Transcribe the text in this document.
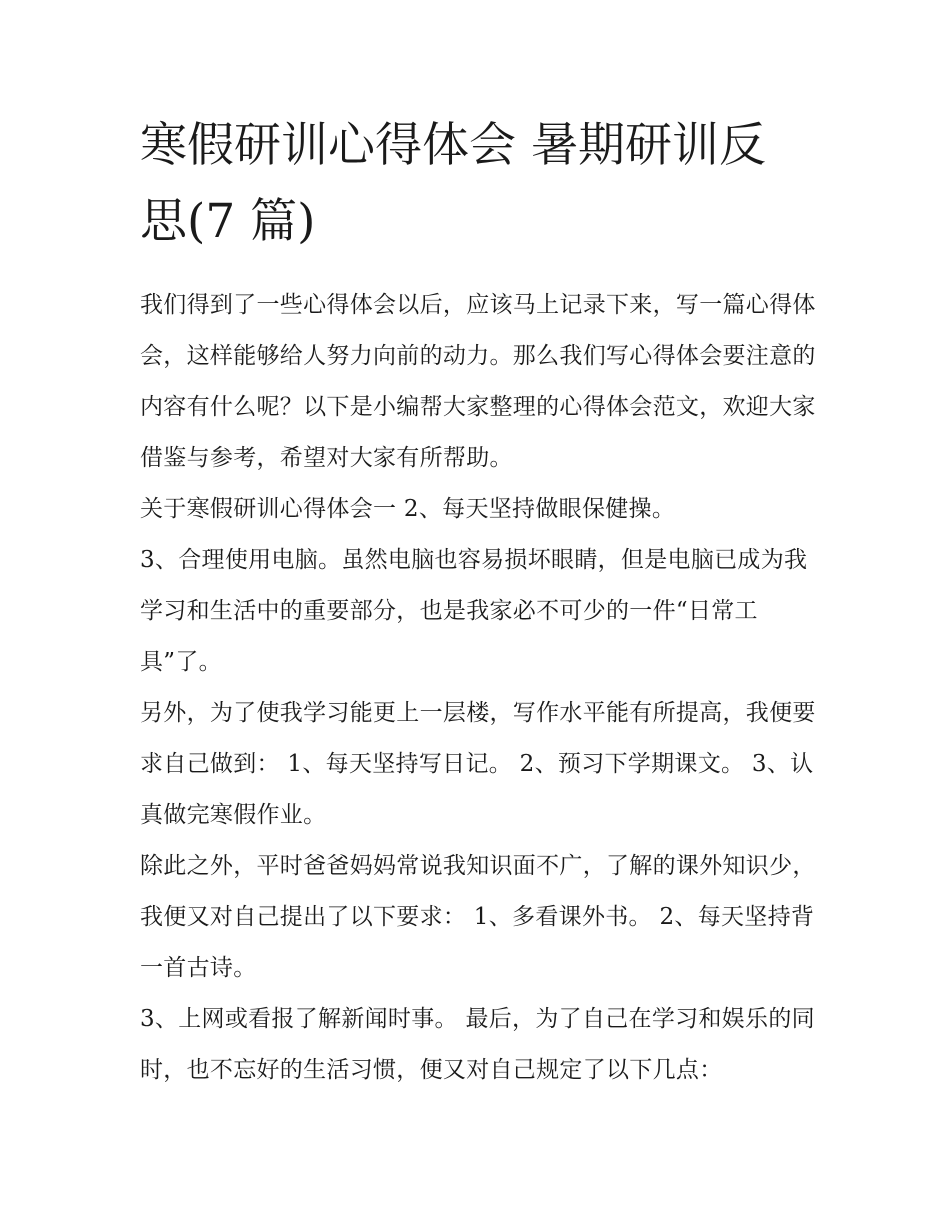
寒假研训心得体会 暑期研训反
思(7 篇)

我们得到了一些心得体会以后，应该马上记录下来，写一篇心得体会，这样能够给人努力向前的动力。那么我们写心得体会要注意的内容有什么呢？以下是小编帮大家整理的心得体会范文，欢迎大家借鉴与参考，希望对大家有所帮助。

关于寒假研训心得体会一 2、每天坚持做眼保健操。

3、合理使用电脑。虽然电脑也容易损坏眼睛，但是电脑已成为我学习和生活中的重要部分，也是我家必不可少的一件“日常工具”了。

另外，为了使我学习能更上一层楼，写作水平能有所提高，我便要求自己做到： 1、每天坚持写日记。 2、预习下学期课文。 3、认真做完寒假作业。

除此之外，平时爸爸妈妈常说我知识面不广，了解的课外知识少，我便又对自己提出了以下要求： 1、多看课外书。 2、每天坚持背一首古诗。

3、上网或看报了解新闻时事。 最后，为了自己在学习和娱乐的同时，也不忘好的生活习惯，便又对自己规定了以下几点：
